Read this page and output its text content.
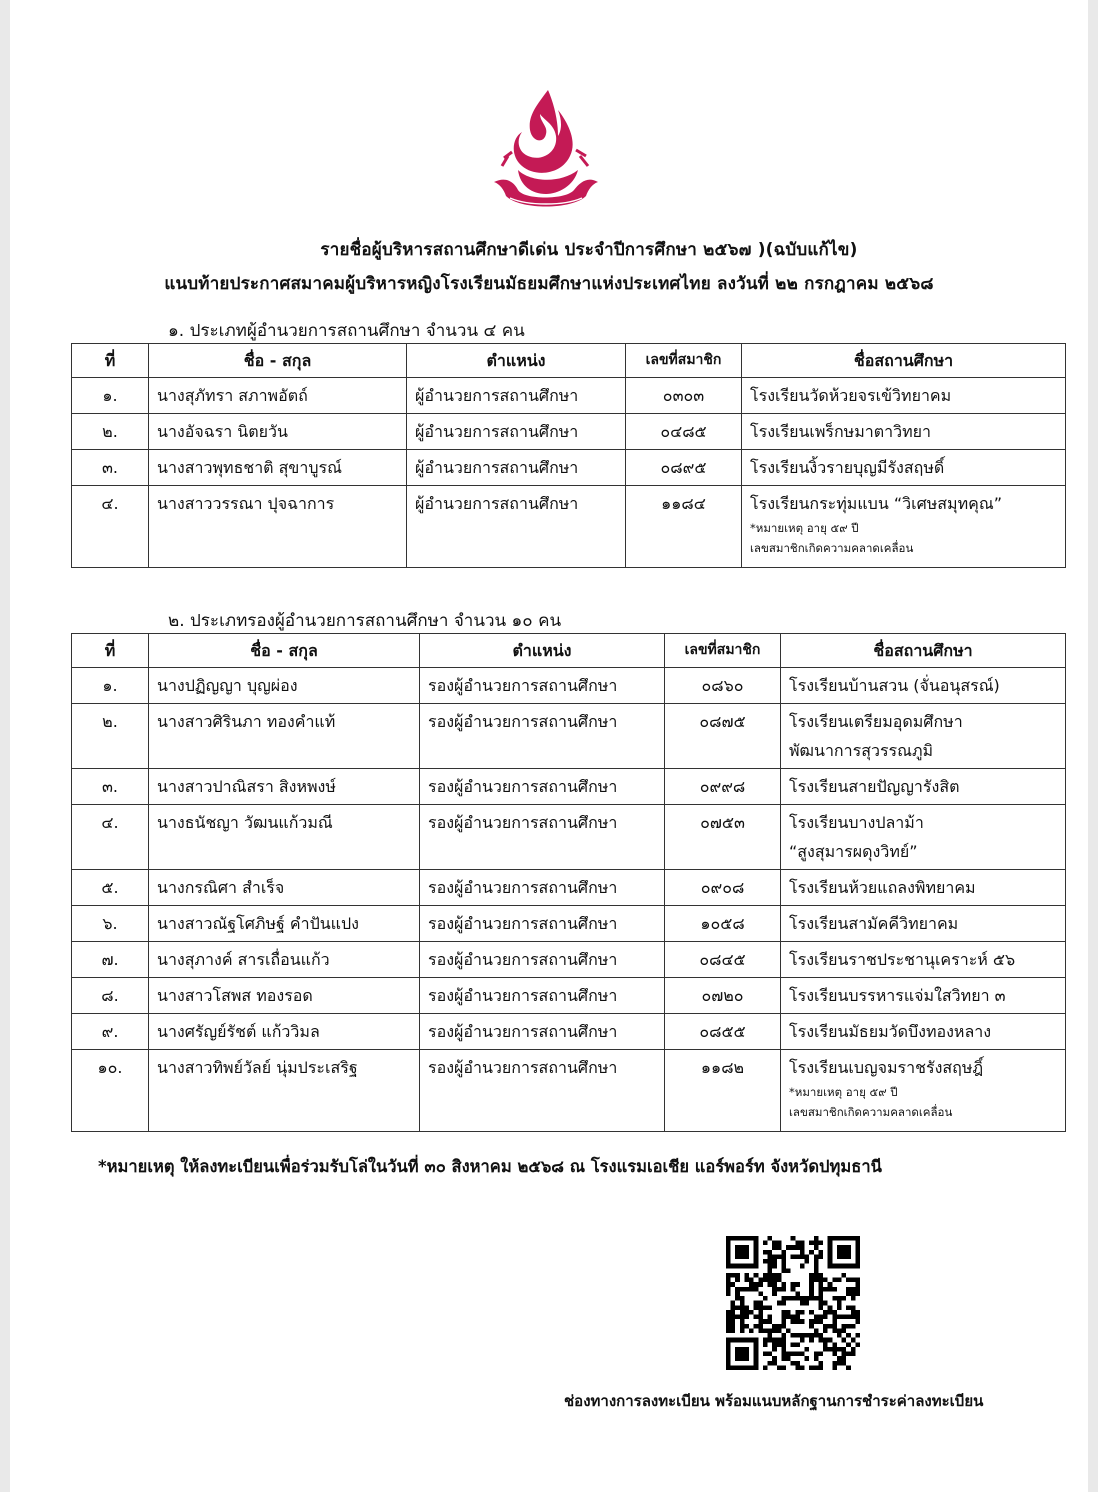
รายชื่อผู้บริหารสถานศึกษาดีเด่น ประจำปีการศึกษา ๒๕๖๗ )(ฉบับแก้ไข)
แนบท้ายประกาศสมาคมผู้บริหารหญิงโรงเรียนมัธยมศึกษาแห่งประเทศไทย ลงวันที่ ๒๒ กรกฎาคม ๒๕๖๘
๑. ประเภทผู้อำนวยการสถานศึกษา จำนวน ๔ คน
ที่	ชื่อ - สกุล	ตำแหน่ง	เลขที่สมาชิก	ชื่อสถานศึกษา
๑.	นางสุภัทรา สภาพอัตถ์	ผู้อำนวยการสถานศึกษา	๐๓๐๓	โรงเรียนวัดห้วยจรเข้วิทยาคม
๒.	นางอัจฉรา นิตยวัน	ผู้อำนวยการสถานศึกษา	๐๔๘๕	โรงเรียนเพร็กษมาตาวิทยา
๓.	นางสาวพุทธชาติ สุขาบูรณ์	ผู้อำนวยการสถานศึกษา	๐๘๙๕	โรงเรียนงิ้วรายบุญมีรังสฤษดิ์
๔.	นางสาววรรณา ปุจฉาการ	ผู้อำนวยการสถานศึกษา	๑๑๘๔	โรงเรียนกระทุ่มแบน “วิเศษสมุทคุณ”
*หมายเหตุ อายุ ๕๙ ปี
เลขสมาชิกเกิดความคลาดเคลื่อน
๒. ประเภทรองผู้อำนวยการสถานศึกษา จำนวน ๑๐ คน
ที่	ชื่อ - สกุล	ตำแหน่ง	เลขที่สมาชิก	ชื่อสถานศึกษา
๑.	นางปฏิญญา บุญผ่อง	รองผู้อำนวยการสถานศึกษา	๐๘๖๐	โรงเรียนบ้านสวน (จั่นอนุสรณ์)
๒.	นางสาวศิรินภา ทองคำแท้	รองผู้อำนวยการสถานศึกษา	๐๘๗๕	โรงเรียนเตรียมอุดมศึกษา
พัฒนาการสุวรรณภูมิ

๓.	นางสาวปาณิสรา สิงหพงษ์	รองผู้อำนวยการสถานศึกษา	๐๙๙๘	โรงเรียนสายปัญญารังสิต
๔.	นางธนัชญา วัฒนแก้วมณี	รองผู้อำนวยการสถานศึกษา	๐๗๕๓	โรงเรียนบางปลาม้า
“สูงสุมารผดุงวิทย์”

๕.	นางกรณิศา สำเร็จ	รองผู้อำนวยการสถานศึกษา	๐๙๐๘	โรงเรียนห้วยแถลงพิทยาคม
๖.	นางสาวณัฐโศภิษฐ์ คำปันแปง	รองผู้อำนวยการสถานศึกษา	๑๐๕๘	โรงเรียนสามัคคีวิทยาคม
๗.	นางสุภางค์ สารเถื่อนแก้ว	รองผู้อำนวยการสถานศึกษา	๐๘๔๕	โรงเรียนราชประชานุเคราะห์ ๕๖
๘.	นางสาวโสพส ทองรอด	รองผู้อำนวยการสถานศึกษา	๐๗๒๐	โรงเรียนบรรหารแจ่มใสวิทยา ๓
๙.	นางศรัญย์รัชต์ แก้ววิมล	รองผู้อำนวยการสถานศึกษา	๐๘๕๕	โรงเรียนมัธยมวัดบึงทองหลาง
๑๐.	นางสาวทิพย์วัลย์ นุ่มประเสริฐ	รองผู้อำนวยการสถานศึกษา	๑๑๘๒	โรงเรียนเบญจมราชรังสฤษฎิ์
*หมายเหตุ อายุ ๕๙ ปี
เลขสมาชิกเกิดความคลาดเคลื่อน
*หมายเหตุ ให้ลงทะเบียนเพื่อร่วมรับโล่ในวันที่ ๓๐ สิงหาคม ๒๕๖๘ ณ โรงแรมเอเชีย แอร์พอร์ท จังหวัดปทุมธานี
ช่องทางการลงทะเบียน พร้อมแนบหลักฐานการชำระค่าลงทะเบียน
